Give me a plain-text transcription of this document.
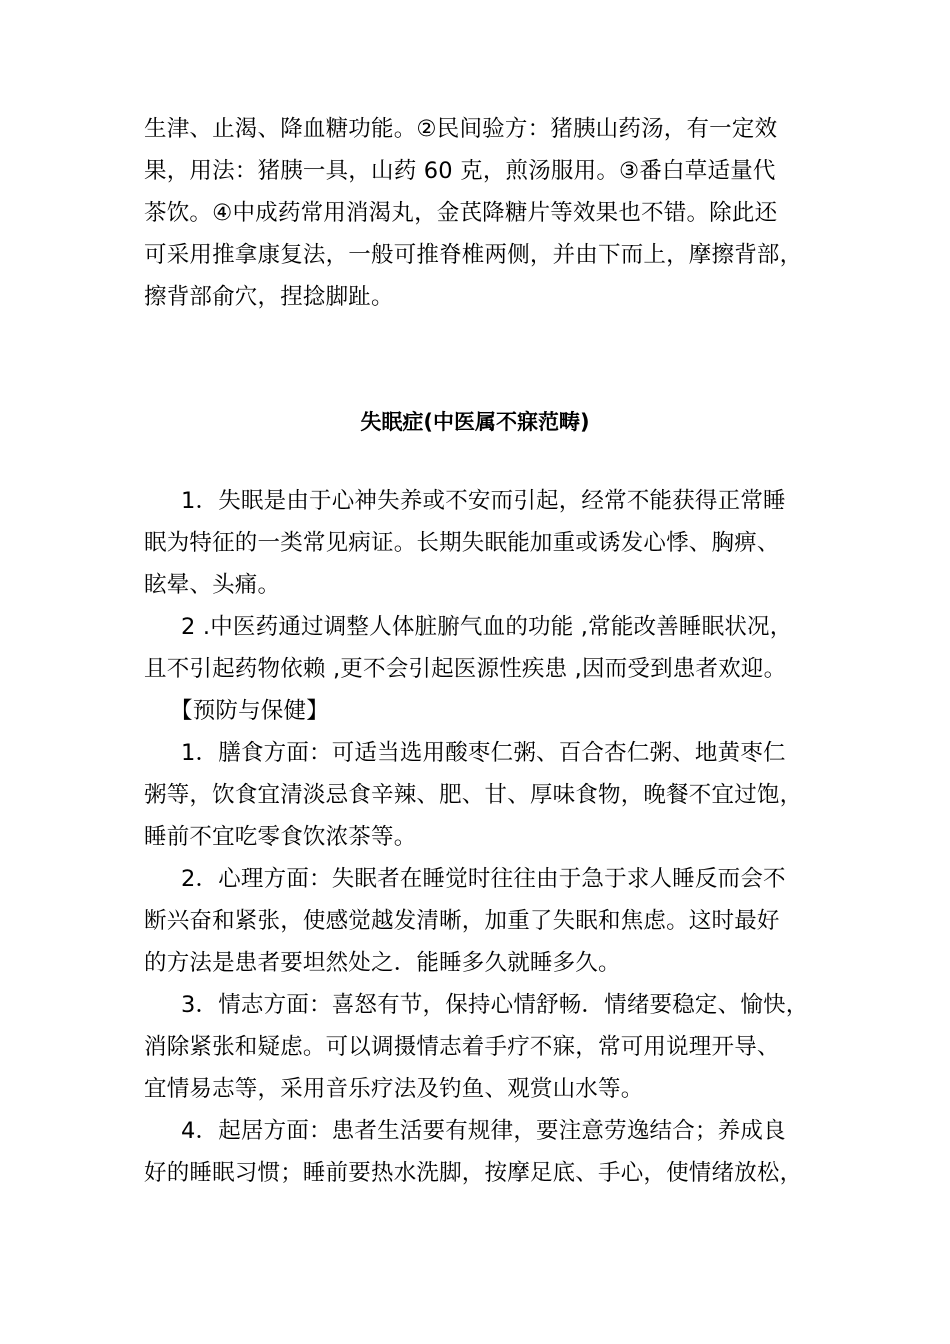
生津、止渴、降血糖功能。②民间验方：猪胰山药汤，有一定效
果，用法：猪胰一具，山药 60 克，煎汤服用。③番白草适量代
茶饮。④中成药常用消渴丸，金芪降糖片等效果也不错。除此还
可采用推拿康复法，一般可推脊椎两侧，并由下而上，摩擦背部，
擦背部俞穴，捏捻脚趾。
失眠症(中医属不寐范畴)
1．失眠是由于心神失养或不安而引起，经常不能获得正常睡
眠为特征的一类常见病证。长期失眠能加重或诱发心悸、胸痹、
眩晕、头痛。
2 .中医药通过调整人体脏腑气血的功能 ,常能改善睡眠状况，
且不引起药物依赖 ,更不会引起医源性疾患 ,因而受到患者欢迎。
【预防与保健】
1．膳食方面：可适当选用酸枣仁粥、百合杏仁粥、地黄枣仁
粥等，饮食宜清淡忌食辛辣、肥、甘、厚味食物，晚餐不宜过饱，
睡前不宜吃零食饮浓茶等。
2．心理方面：失眠者在睡觉时往往由于急于求人睡反而会不
断兴奋和紧张，使感觉越发清晰，加重了失眠和焦虑。这时最好
的方法是患者要坦然处之．能睡多久就睡多久。
3．情志方面：喜怒有节，保持心情舒畅．情绪要稳定、愉快，
消除紧张和疑虑。可以调摄情志着手疗不寐，常可用说理开导、
宜情易志等，采用音乐疗法及钓鱼、观赏山水等。
4．起居方面：患者生活要有规律，要注意劳逸结合；养成良
好的睡眠习惯；睡前要热水洗脚，按摩足底、手心，使情绪放松，
